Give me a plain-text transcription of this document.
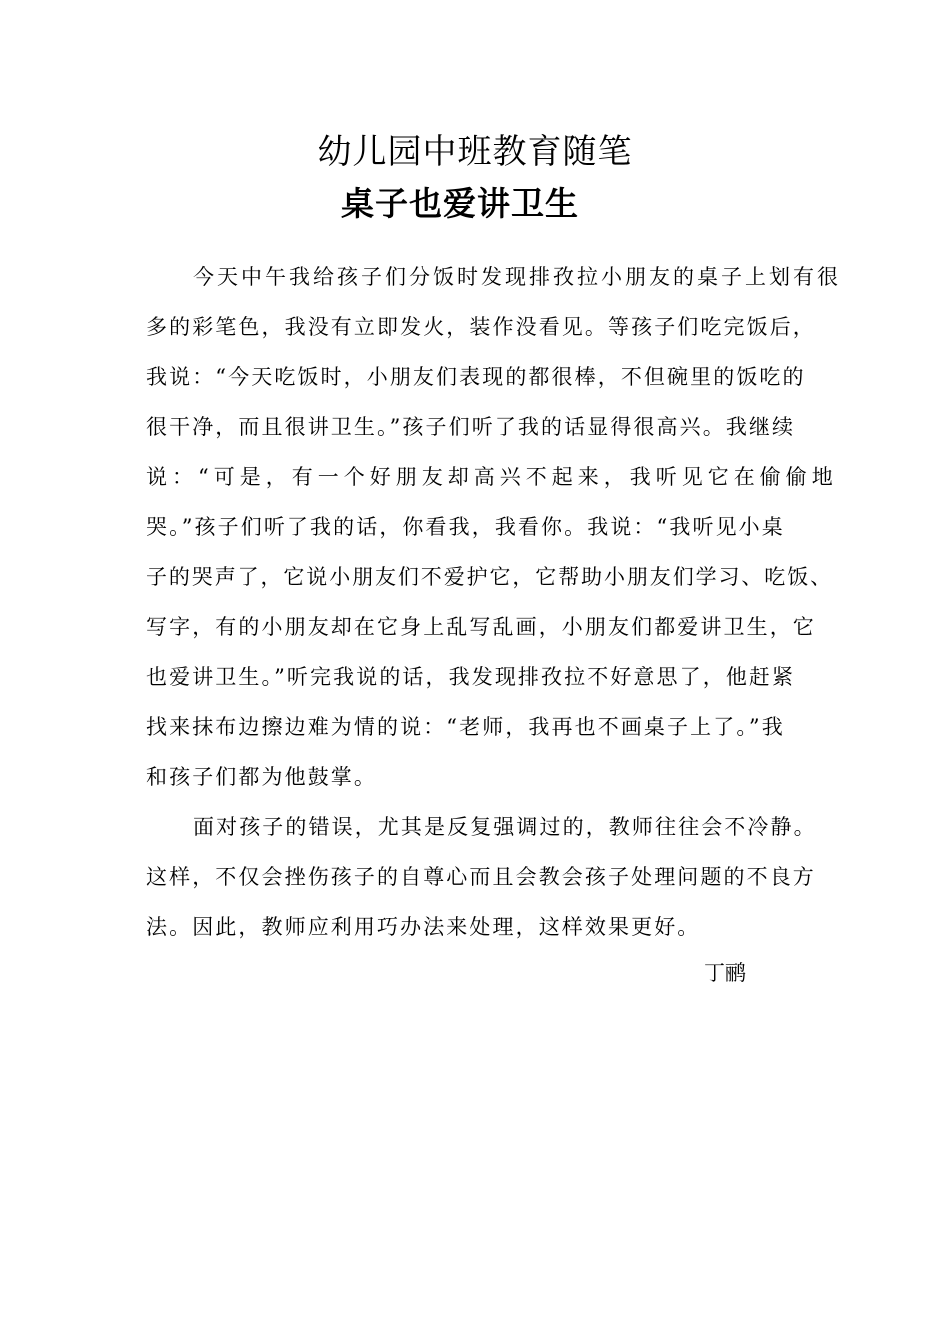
幼儿园中班教育随笔
桌子也爱讲卫生
今天中午我给孩子们分饭时发现排孜拉小朋友的桌子上划有很
多的彩笔色，我没有立即发火，装作没看见。等孩子们吃完饭后，
我说：“今天吃饭时，小朋友们表现的都很棒，不但碗里的饭吃的
很干净，而且很讲卫生。”孩子们听了我的话显得很高兴。我继续
说：“可是，有一个好朋友却高兴不起来，我听见它在偷偷地
哭。”孩子们听了我的话，你看我，我看你。我说：“我听见小桌
子的哭声了，它说小朋友们不爱护它，它帮助小朋友们学习、吃饭、
写字，有的小朋友却在它身上乱写乱画，小朋友们都爱讲卫生，它
也爱讲卫生。”听完我说的话，我发现排孜拉不好意思了，他赶紧
找来抹布边擦边难为情的说：“老师，我再也不画桌子上了。”我
和孩子们都为他鼓掌。
面对孩子的错误，尤其是反复强调过的，教师往往会不冷静。
这样，不仅会挫伤孩子的自尊心而且会教会孩子处理问题的不良方
法。因此，教师应利用巧办法来处理，这样效果更好。
丁鹂
